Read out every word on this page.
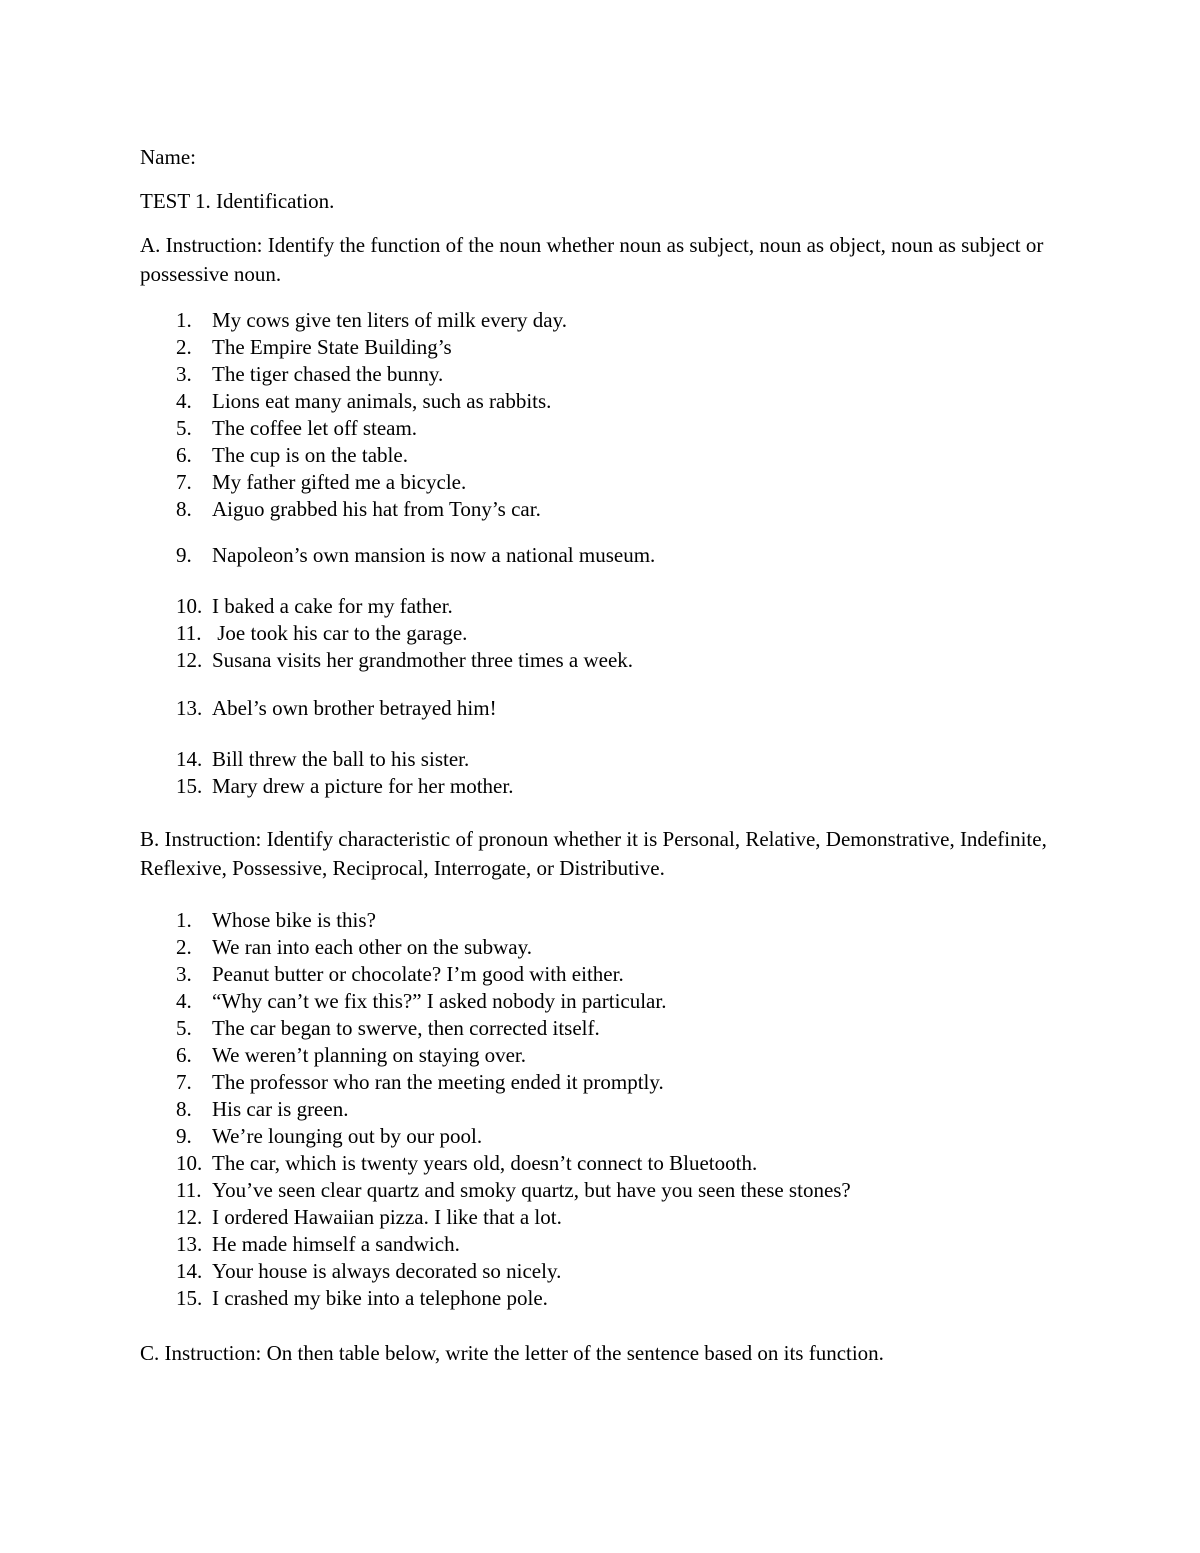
Name:
TEST 1. Identification.
A. Instruction: Identify the function of the noun whether noun as subject, noun as object, noun as subject or possessive noun.
1. My cows give ten liters of milk every day.
2. The Empire State Building’s
3. The tiger chased the bunny.
4. Lions eat many animals, such as rabbits.
5. The coffee let off steam.
6. The cup is on the table.
7. My father gifted me a bicycle.
8. Aiguo grabbed his hat from Tony’s car.
9. Napoleon’s own mansion is now a national museum.
10. I baked a cake for my father.
11. Joe took his car to the garage.
12. Susana visits her grandmother three times a week.
13. Abel’s own brother betrayed him!
14. Bill threw the ball to his sister.
15. Mary drew a picture for her mother.
B. Instruction: Identify characteristic of pronoun whether it is Personal, Relative, Demonstrative, Indefinite, Reflexive, Possessive, Reciprocal, Interrogate, or Distributive.
1. Whose bike is this?
2. We ran into each other on the subway.
3. Peanut butter or chocolate? I’m good with either.
4. “Why can’t we fix this?” I asked nobody in particular.
5. The car began to swerve, then corrected itself.
6. We weren’t planning on staying over.
7. The professor who ran the meeting ended it promptly.
8. His car is green.
9. We’re lounging out by our pool.
10. The car, which is twenty years old, doesn’t connect to Bluetooth.
11. You’ve seen clear quartz and smoky quartz, but have you seen these stones?
12. I ordered Hawaiian pizza. I like that a lot.
13. He made himself a sandwich.
14. Your house is always decorated so nicely.
15. I crashed my bike into a telephone pole.
C. Instruction: On then table below, write the letter of the sentence based on its function.
